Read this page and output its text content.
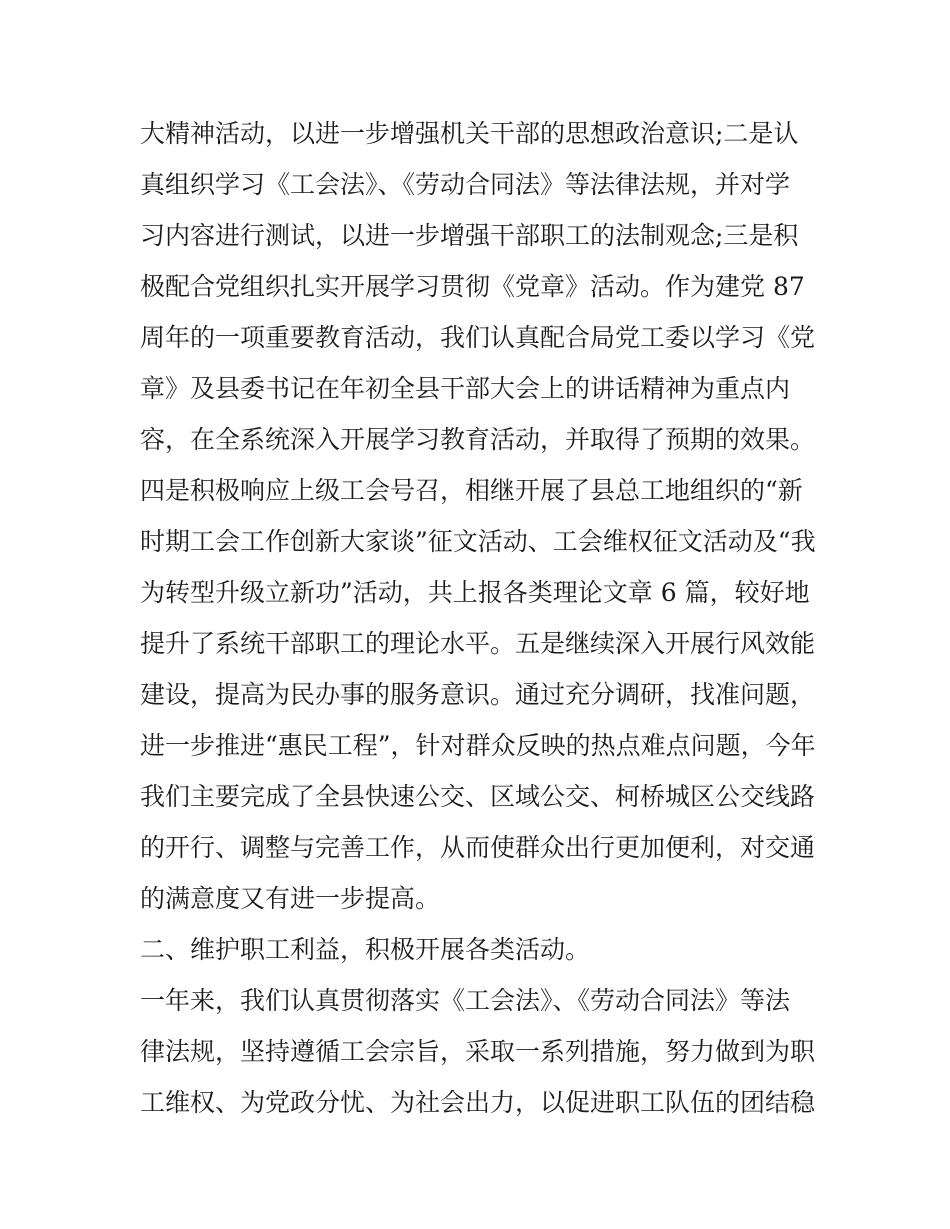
大精神活动，以进一步增强机关干部的思想政治意识;二是认
真组织学习《工会法》、《劳动合同法》等法律法规，并对学
习内容进行测试，以进一步增强干部职工的法制观念;三是积
极配合党组织扎实开展学习贯彻《党章》活动。作为建党 87
周年的一项重要教育活动，我们认真配合局党工委以学习《党
章》及县委书记在年初全县干部大会上的讲话精神为重点内
容，在全系统深入开展学习教育活动，并取得了预期的效果。
四是积极响应上级工会号召，相继开展了县总工地组织的“新
时期工会工作创新大家谈”征文活动、工会维权征文活动及“我
为转型升级立新功”活动，共上报各类理论文章 6 篇，较好地
提升了系统干部职工的理论水平。五是继续深入开展行风效能
建设，提高为民办事的服务意识。通过充分调研，找准问题，
进一步推进“惠民工程”，针对群众反映的热点难点问题，今年
我们主要完成了全县快速公交、区域公交、柯桥城区公交线路
的开行、调整与完善工作，从而使群众出行更加便利，对交通
的满意度又有进一步提高。
二、维护职工利益，积极开展各类活动。
一年来，我们认真贯彻落实《工会法》、《劳动合同法》等法
律法规，坚持遵循工会宗旨，采取一系列措施，努力做到为职
工维权、为党政分忧、为社会出力，以促进职工队伍的团结稳
